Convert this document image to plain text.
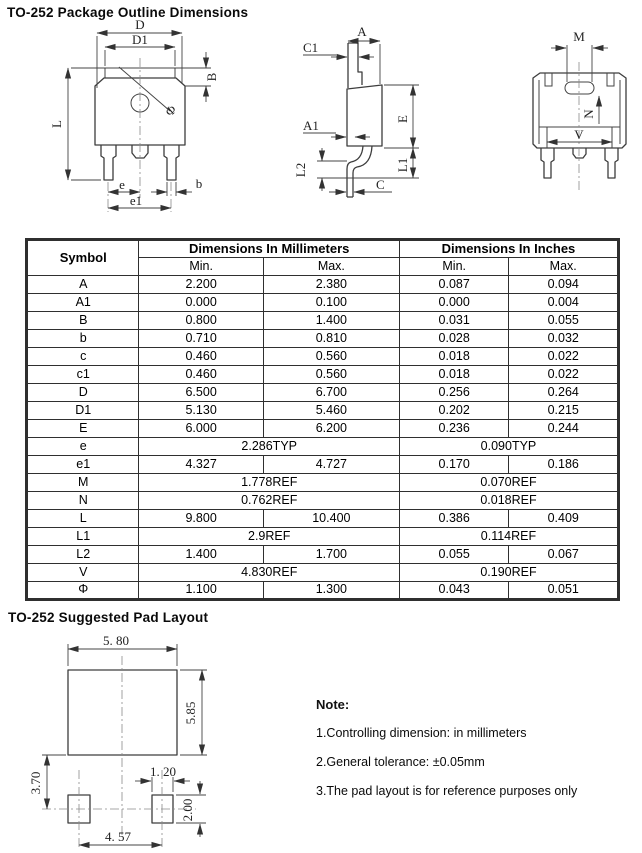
TO-252 Package Outline Dimensions
D
D1
B
L
Φ
e
e1
b
A
C1
A1
L2
C
E
L1
M
N
V
Symbol	Dimensions In Millimeters		Dimensions In Inches	
	Min.	Max.	Min.	Max.
A	2.200	2.380	0.087	0.094
A1	0.000	0.100	0.000	0.004
B	0.800	1.400	0.031	0.055
b	0.710	0.810	0.028	0.032
c	0.460	0.560	0.018	0.022
c1	0.460	0.560	0.018	0.022
D	6.500	6.700	0.256	0.264
D1	5.130	5.460	0.202	0.215
E	6.000	6.200	0.236	0.244
e	2.286TYP		0.090TYP	
e1	4.327	4.727	0.170	0.186
M	1.778REF		0.070REF	
N	0.762REF		0.018REF	
L	9.800	10.400	0.386	0.409
L1	2.9REF		0.114REF	
L2	1.400	1.700	0.055	0.067
V	4.830REF		0.190REF	
Φ	1.100	1.300	0.043	0.051
TO-252 Suggested Pad Layout
5. 80
5.85
3.70
1. 20
2.00
4. 57
Note:
1.Controlling dimension: in millimeters
2.General tolerance: ±0.05mm
3.The pad layout is for reference purposes only
